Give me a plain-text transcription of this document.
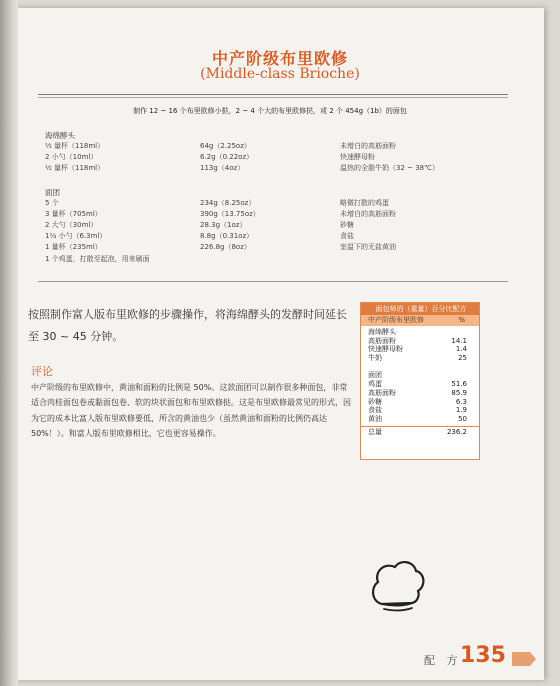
中产阶级布里欧修
(Middle-class Brioche)
制作 12 ~ 16 个布里欧修小挞，2 ~ 4 个大的布里欧修挞，或 2 个 454g（1b）的面包
海绵酵头
¹⁄₂ 量杯（118ml）	64g（2.25oz）	未增白的高筋面粉
2 小勺（10ml）	6.2g（0.22oz）	快速酵母粉
¹⁄₂ 量杯（118ml）	113g（4oz）	温热的全脂牛奶（32 ~ 38℃）
面团
5 个	234g（8.25oz）	略微打散的鸡蛋
3 量杯（705ml）	390g（13.75oz）	未增白的高筋面粉
2 大勺（30ml）	28.3g（1oz）	砂糖
1¹⁄₄ 小勺（6.3ml）	8.8g（0.31oz）	食盐
1 量杯（235ml）	226.8g（8oz）	室温下的无盐黄油
1 个鸡蛋，打散至起泡，用来刷面
按照制作富人版布里欧修的步骤操作，将海绵酵头的发酵时间延长至 30 ~ 45 分钟。
评论
中产阶级的布里欧修中，黄油和面粉的比例是 50%。这款面团可以制作很多种面包，非常适合肉桂面包卷或黏面包卷、软的块状面包和布里欧修挞。这是布里欧修最常见的形式，因为它的成本比富人版布里欧修要低，所含的黄油也少（虽然黄油和面粉的比例仍高达 50%！）。和富人版布里欧修相比，它也更容易操作。
面包师的（重量）百分比配方
中产阶级布里欧修	%
海绵酵头
高筋面粉	14.1
快速酵母粉	1.4
牛奶	25
面团
鸡蛋	51.6
高筋面粉	85.9
砂糖	6.3
食盐	1.9
黄油	50
总量	236.2
配 方
135
